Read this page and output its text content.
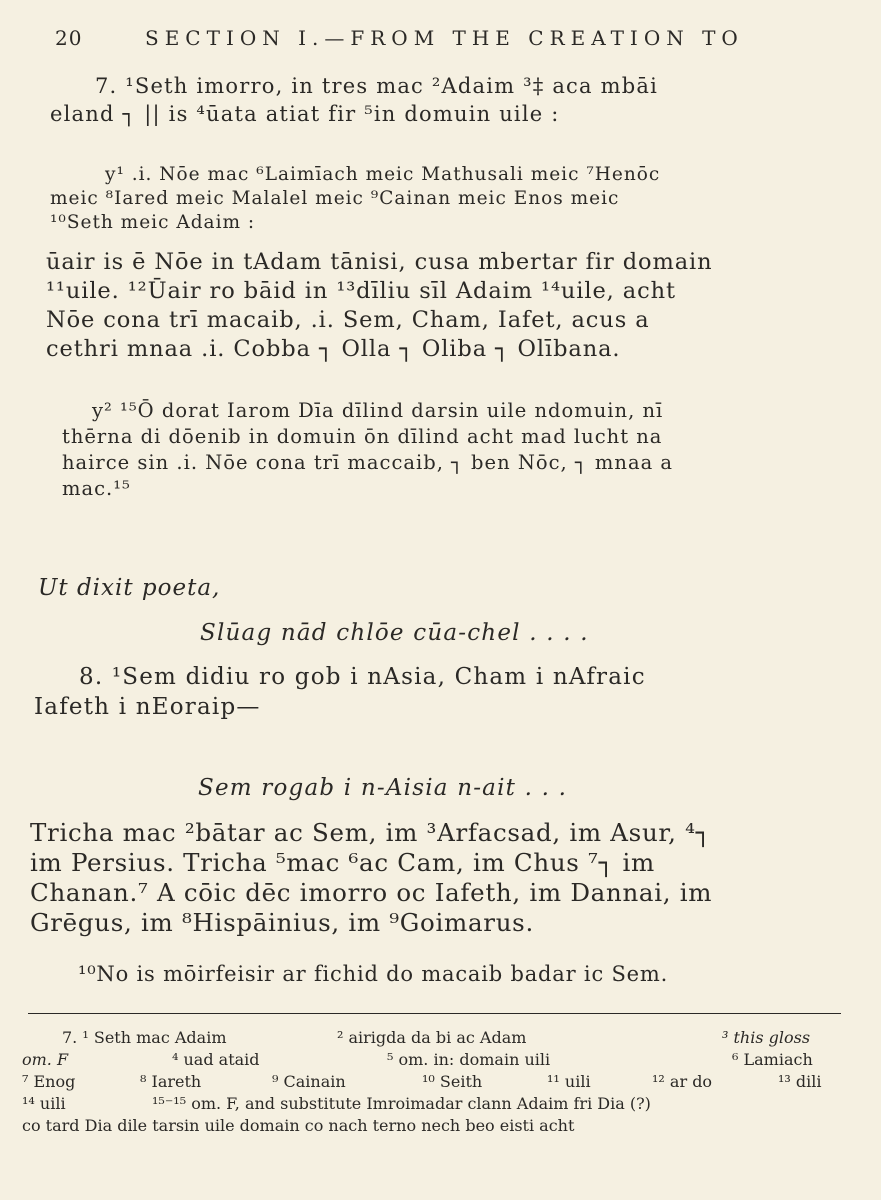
20	SECTION I.—FROM THE CREATION TO
7. ¹Seth imorro, in tres mac ²Adaim ³‡ aca mbāi
eland ┐ || is ⁴ūata atiat fir ⁵in domuin uile :
y¹ .i. Nōe mac ⁶Laimīach meic Mathusali meic ⁷Henōc
meic ⁸Iared meic Malalel meic ⁹Cainan meic Enos meic
¹⁰Seth meic Adaim :
ūair is ē Nōe in tAdam tānisi, cusa mbertar fir domain
¹¹uile. ¹²Ūair ro bāid in ¹³dīliu sīl Adaim ¹⁴uile, acht
Nōe cona trī macaib, .i. Sem, Cham, Iafet, acus a
cethri mnaa .i. Cobba ┐ Olla ┐ Oliba ┐ Olībana.
y² ¹⁵Ō dorat Iarom Dīa dīlind darsin uile ndomuin, nī
thērna di dōenib in domuin ōn dīlind acht mad lucht na
hairce sin .i. Nōe cona trī maccaib, ┐ ben Nōc, ┐ mnaa a
mac.¹⁵
Ut dixit poeta,
Slūag nād chlōe cūa-chel . . . .
8. ¹Sem didiu ro gob i nAsia, Cham i nAfraic
Iafeth i nEoraip—
Sem rogab i n-Aisia n-ait . . .
Tricha mac ²bātar ac Sem, im ³Arfacsad, im Asur, ⁴┐
im Persius. Tricha ⁵mac ⁶ac Cam, im Chus ⁷┐ im
Chanan.⁷ A cōic dēc imorro oc Iafeth, im Dannai, im
Grēgus, im ⁸Hispāinius, im ⁹Goimarus.
¹⁰No is mōirfeisir ar fichid do macaib badar ic Sem.
7. ¹ Seth mac Adaim	² airigda da bi ac Adam	³ this gloss
om. F	⁴ uad ataid	⁵ om. in: domain uili	⁶ Lamiach
⁷ Enog	⁸ Iareth	⁹ Cainain	¹⁰ Seith	¹¹ uili	¹² ar do	¹³ dili
¹⁴ uili	¹⁵⁻¹⁵ om. F, and substitute Imroimadar clann Adaim fri Dia (?)
co tard Dia dile tarsin uile domain co nach terno nech beo eisti acht
